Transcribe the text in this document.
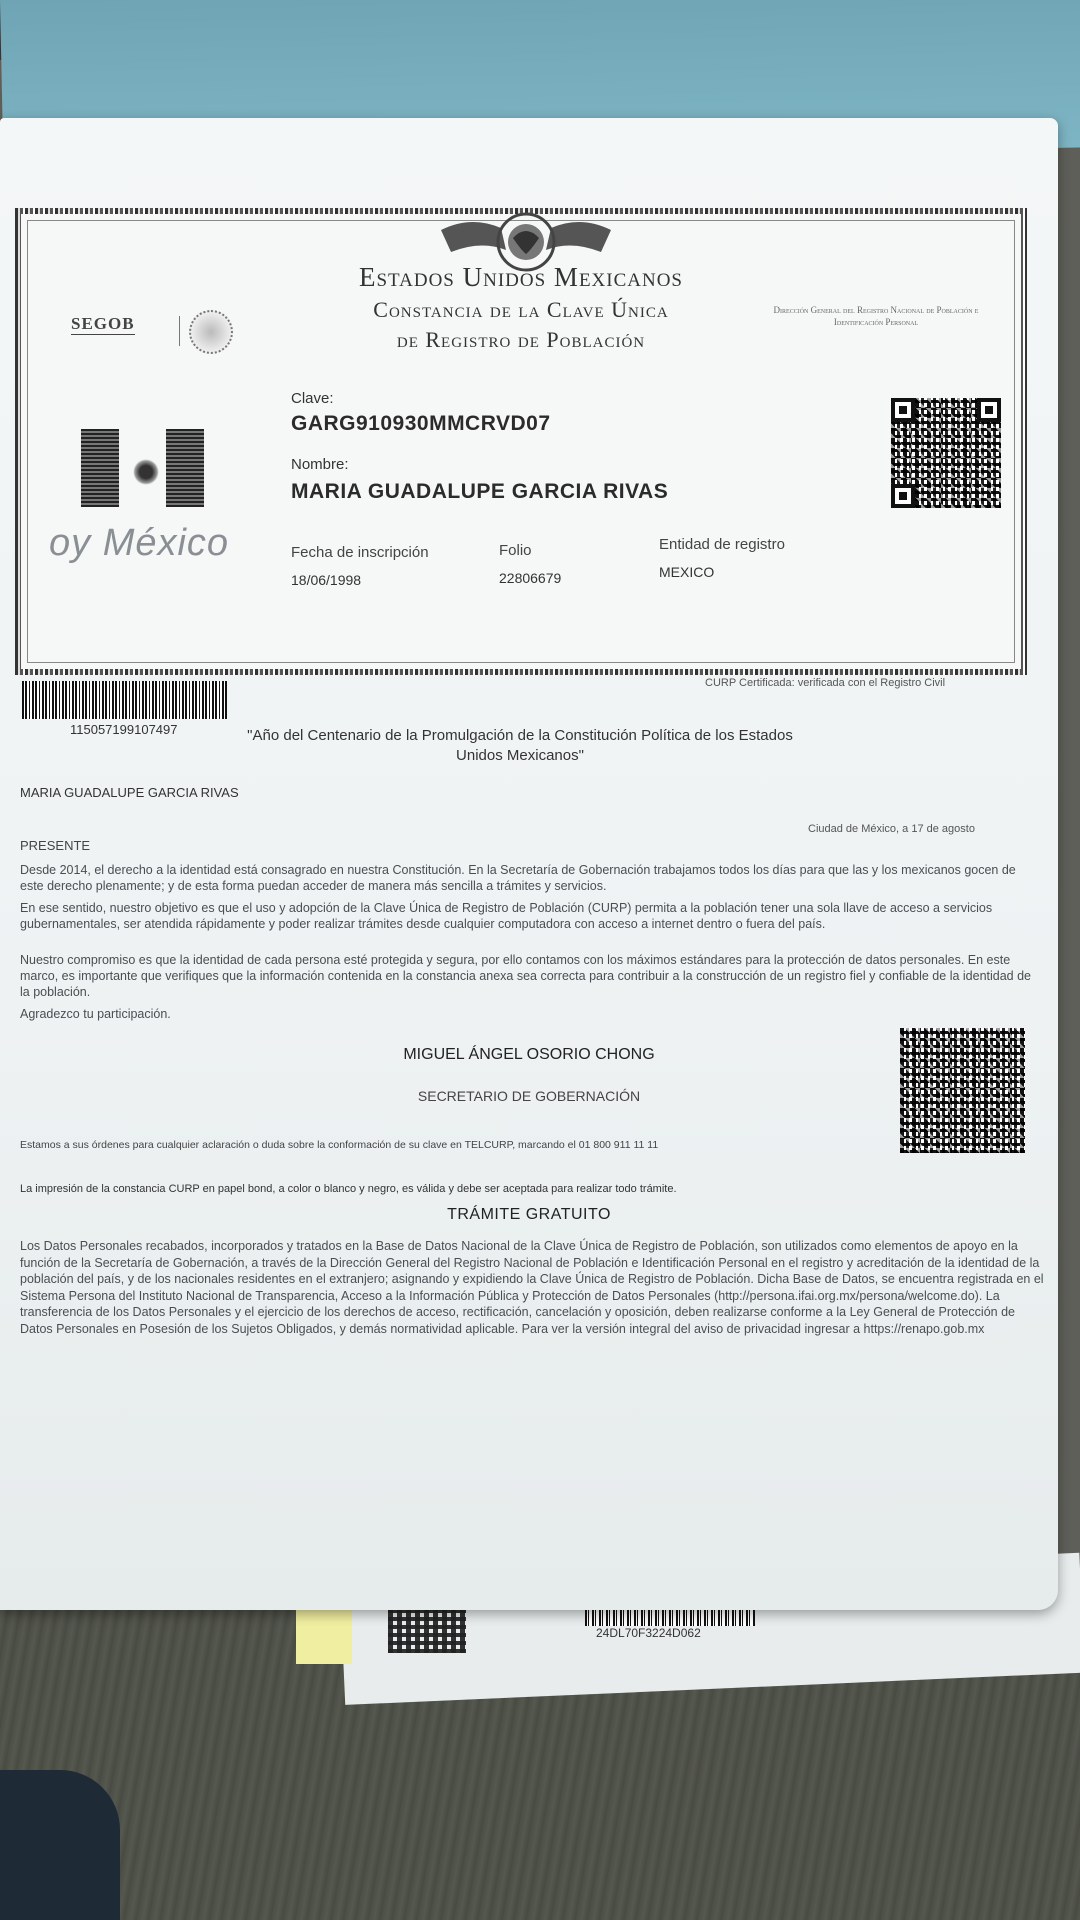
24DL70F3224D062
Estados Unidos Mexicanos
Constancia de la Clave Única
de Registro de Población
SEGOB
Dirección General del Registro Nacional de Población e Identificación Personal
Clave:
GARG910930MMCRVD07
Nombre:
MARIA GUADALUPE GARCIA RIVAS
oy México	Fecha de inscripción
18/06/1998
Folio
22806679
Entidad de registro
MEXICO
115057199107497
CURP Certificada: verificada con el Registro Civil
"Año del Centenario de la Promulgación de la Constitución Política de los Estados Unidos Mexicanos"
MARIA GUADALUPE GARCIA RIVAS
Ciudad de México, a 17 de agosto
PRESENTE
Desde 2014, el derecho a la identidad está consagrado en nuestra Constitución. En la Secretaría de Gobernación trabajamos todos los días para que las y los mexicanos gocen de este derecho plenamente; y de esta forma puedan acceder de manera más sencilla a trámites y servicios.
En ese sentido, nuestro objetivo es que el uso y adopción de la Clave Única de Registro de Población (CURP) permita a la población tener una sola llave de acceso a servicios gubernamentales, ser atendida rápidamente y poder realizar trámites desde cualquier computadora con acceso a internet dentro o fuera del país.
Nuestro compromiso es que la identidad de cada persona esté protegida y segura, por ello contamos con los máximos estándares para la protección de datos personales. En este marco, es importante que verifiques que la información contenida en la constancia anexa sea correcta para contribuir a la construcción de un registro fiel y confiable de la identidad de la población.
Agradezco tu participación.
MIGUEL ÁNGEL OSORIO CHONG
SECRETARIO DE GOBERNACIÓN
Estamos a sus órdenes para cualquier aclaración o duda sobre la conformación de su clave en TELCURP, marcando el 01 800 911 11 11
La impresión de la constancia CURP en papel bond, a color o blanco y negro, es válida y debe ser aceptada para realizar todo trámite.
TRÁMITE GRATUITO
Los Datos Personales recabados, incorporados y tratados en la Base de Datos Nacional de la Clave Única de Registro de Población, son utilizados como elementos de apoyo en la función de la Secretaría de Gobernación, a través de la Dirección General del Registro Nacional de Población e Identificación Personal en el registro y acreditación de la identidad de la población del país, y de los nacionales residentes en el extranjero; asignando y expidiendo la Clave Única de Registro de Población. Dicha Base de Datos, se encuentra registrada en el Sistema Persona del Instituto Nacional de Transparencia, Acceso a la Información Pública y Protección de Datos Personales (http://persona.ifai.org.mx/persona/welcome.do). La transferencia de los Datos Personales y el ejercicio de los derechos de acceso, rectificación, cancelación y oposición, deben realizarse conforme a la Ley General de Protección de Datos Personales en Posesión de los Sujetos Obligados, y demás normatividad aplicable. Para ver la versión integral del aviso de privacidad ingresar a https://renapo.gob.mx
